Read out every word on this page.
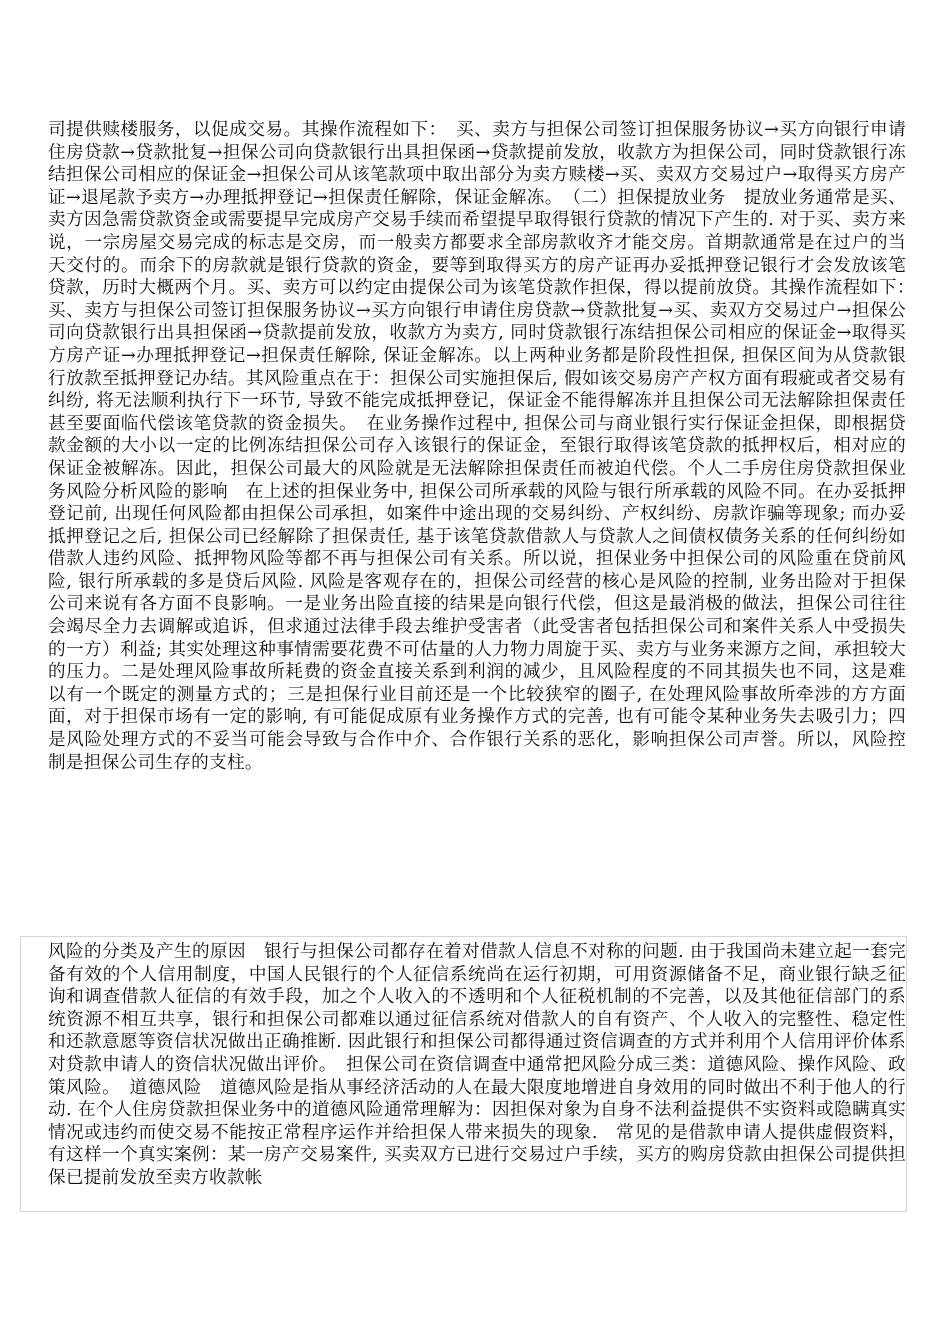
司提供赎楼服务，以促成交易。其操作流程如下：　买、卖方与担保公司签订担保服务协议→买方向银行申请住房贷款→贷款批复→担保公司向贷款银行出具担保函→贷款提前发放，收款方为担保公司，同时贷款银行冻结担保公司相应的保证金→担保公司从该笔款项中取出部分为卖方赎楼→买、卖双方交易过户→取得买方房产证→退尾款予卖方→办理抵押登记→担保责任解除，保证金解冻。　（二）担保提放业务　提放业务通常是买、卖方因急需贷款资金或需要提早完成房产交易手续而希望提早取得银行贷款的情况下产生的. 对于买、卖方来说，一宗房屋交易完成的标志是交房，而一般卖方都要求全部房款收齐才能交房。首期款通常是在过户的当天交付的。而余下的房款就是银行贷款的资金，要等到取得买方的房产证再办妥抵押登记银行才会发放该笔贷款，历时大概两个月。买、卖方可以约定由提保公司为该笔贷款作担保，得以提前放贷。其操作流程如下：　买、卖方与担保公司签订担保服务协议→买方向银行申请住房贷款→贷款批复→买、卖双方交易过户→担保公司向贷款银行出具担保函→贷款提前发放，收款方为卖方, 同时贷款银行冻结担保公司相应的保证金→取得买方房产证→办理抵押登记→担保责任解除, 保证金解冻。以上两种业务都是阶段性担保, 担保区间为从贷款银行放款至抵押登记办结。其风险重点在于：担保公司实施担保后, 假如该交易房产产权方面有瑕疵或者交易有纠纷, 将无法顺利执行下一环节, 导致不能完成抵押登记，保证金不能得解冻并且担保公司无法解除担保责任甚至要面临代偿该笔贷款的资金损失。　在业务操作过程中, 担保公司与商业银行实行保证金担保，即根据贷款金额的大小以一定的比例冻结担保公司存入该银行的保证金，至银行取得该笔贷款的抵押权后，相对应的保证金被解冻。因此，担保公司最大的风险就是无法解除担保责任而被迫代偿。个人二手房住房贷款担保业务风险分析风险的影响　在上述的担保业务中, 担保公司所承载的风险与银行所承载的风险不同。在办妥抵押登记前, 出现任何风险都由担保公司承担，如案件中途出现的交易纠纷、产权纠纷、房款诈骗等现象; 而办妥抵押登记之后, 担保公司已经解除了担保责任, 基于该笔贷款借款人与贷款人之间债权债务关系的任何纠纷如借款人违约风险、抵押物风险等都不再与担保公司有关系。所以说，担保业务中担保公司的风险重在贷前风险, 银行所承载的多是贷后风险. 风险是客观存在的，担保公司经营的核心是风险的控制, 业务出险对于担保公司来说有各方面不良影响。一是业务出险直接的结果是向银行代偿，但这是最消极的做法，担保公司往往会竭尽全力去调解或追诉，但求通过法律手段去维护受害者（此受害者包括担保公司和案件关系人中受损失的一方）利益; 其实处理这种事情需要花费不可估量的人力物力周旋于买、卖方与业务来源方之间，承担较大的压力。二是处理风险事故所耗费的资金直接关系到利润的减少，且风险程度的不同其损失也不同，这是难以有一个既定的测量方式的；三是担保行业目前还是一个比较狭窄的圈子, 在处理风险事故所牵涉的方方面面，对于担保市场有一定的影响, 有可能促成原有业务操作方式的完善, 也有可能令某种业务失去吸引力；四是风险处理方式的不妥当可能会导致与合作中介、合作银行关系的恶化，影响担保公司声誉。所以，风险控制是担保公司生存的支柱。

风险的分类及产生的原因　银行与担保公司都存在着对借款人信息不对称的问题. 由于我国尚未建立起一套完备有效的个人信用制度，中国人民银行的个人征信系统尚在运行初期，可用资源储备不足，商业银行缺乏征询和调查借款人征信的有效手段，加之个人收入的不透明和个人征税机制的不完善，以及其他征信部门的系统资源不相互共享，银行和担保公司都难以通过征信系统对借款人的自有资产、个人收入的完整性、稳定性和还款意愿等资信状况做出正确推断. 因此银行和担保公司都得通过资信调查的方式并利用个人信用评价体系对贷款申请人的资信状况做出评价。　担保公司在资信调查中通常把风险分成三类：道德风险、操作风险、政策风险。　道德风险　道德风险是指从事经济活动的人在最大限度地增进自身效用的同时做出不利于他人的行动. 在个人住房贷款担保业务中的道德风险通常理解为：因担保对象为自身不法利益提供不实资料或隐瞒真实情况或违约而使交易不能按正常程序运作并给担保人带来损失的现象.　常见的是借款申请人提供虚假资料，有这样一个真实案例：某一房产交易案件, 买卖双方已进行交易过户手续，买方的购房贷款由担保公司提供担保已提前发放至卖方收款帐
